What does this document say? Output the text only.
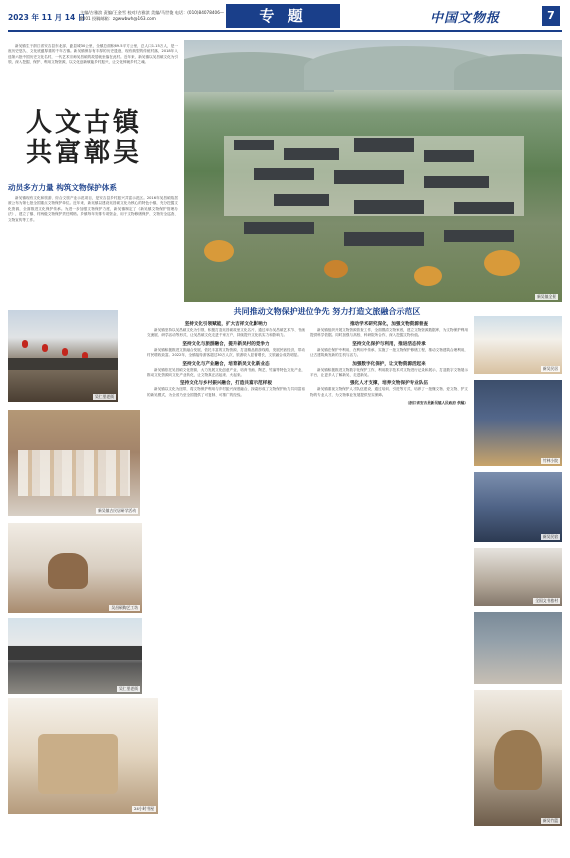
2023 年 11 月 14 日
主编/吉雅滨 责编/王金雪 校对/吉雅滨 美编/马世俊 电话：(010)84078406—8001 投稿邮箱：zgwwbwh@163.com	专 题	中国文物报	7
新吴镇生于浙江省安吉县东北部，距县城30公里，全镇总面积69.5平方公里，总人口1.15万人，是一座历史悠久、文化底蕴厚重的千年古镇。新吴镇保存有丰厚的历史遗迹，现有典型的传统村落，2018年入选第六批中国历史文化名村，一代艺术宗师吴昌硕的故居就坐落在此村。近年来，新吴镇以吴昌硕文化为引领，深入挖掘、保护、利用文物资源，以文化创新赋能乡村振兴，让文化铸就乡村之魂。
人文古镇 共富鄣吴
动员多方力量 构筑文物保护体系
新吴镇现有文化和旅游、综合文旅产业示范项目，是安吉县乡村振兴共富示范区。2016年吴昌硕故居被公布为第七批全国重点文物保护单位。近年来，新吴镇以建设吴昌硕文化为核心的特色小镇，充分挖掘文化资源，全面推进文化保护传承。为进一步加强文物保护力度，新吴镇制定了《新吴镇文物保护管理办法》，建立了镇、村两级文物保护责任网格。乡镇每年安排专项资金，用于文物修缮保护、文物安全巡查、文物宣传等工作。
新吴镇全景
共同推动文物保护进位争先 努力打造文旅融合示范区
吴仁里老街
新吴镇古民居研学活动
吴昌硕陶艺工坊
吴仁里老街
24小时书屋
新吴民居
竹林小院
新吴民宿
全国文书旅村
新吴竹篮
坚持文化引领赋能，扩大吉祥文化影响力
新吴镇坚持以吴昌硕文化为引领，积极打造吴昌硕故里文化名片，通过举办吴昌硕艺术节、书画交流展、研学活动等形式，让吴昌硕文化走进千家万户，持续提升文化软实力和影响力。
坚持文化与旅游融合，提升新吴村的竞争力
新吴镇积极推进文旅融合发展，依托丰富的文物资源，打造精品旅游线路，发展民宿经济，带动村民增收致富。2022年，全镇接待游客超过30万人次，旅游收入显著增长，文旅融合成效明显。
坚持文化与产业融合，培育新吴文化新业态
新吴镇依托吴昌硕文化资源，大力发展文化创意产业，培育书画、陶艺、竹编等特色文化产业，推动文化资源向文化产业转化，让文物真正活起来、火起来。
坚持文化与乡村振兴融合，打造共富示范样板
新吴镇以文化为纽带，将文物保护利用与乡村振兴深度融合，探索形成了文物保护助力共同富裕的新吴模式，为全省乃至全国提供了可复制、可推广的经验。
推动学术研究深化，加强文物资源普查
新吴镇组织开展文物资源普查工作，全面摸清文物家底，建立文物资源数据库，为文物保护利用提供科学依据。同时加强与高校、科研院所合作，深入挖掘文物价值。
坚持文化保护与利用，推进活态传承
新吴镇在保护中利用，在利用中传承，实施了一批文物保护修缮工程，推动文物建筑合理利用，让古建筑焕发新的生机与活力。
加强数字化保护，让文物资源活起来
新吴镇积极推进文物数字化保护工作，利用数字技术对文物进行记录和展示，打造数字文物展示平台，让更多人了解新吴、走进新吴。
强化人才支撑，培养文物保护专业队伍
新吴镇重视文物保护人才队伍建设，通过培训、引进等方式，培养了一批懂文物、爱文物、护文物的专业人才，为文物事业发展提供坚实保障。
（浙江省安吉县新吴镇人民政府 供稿）
